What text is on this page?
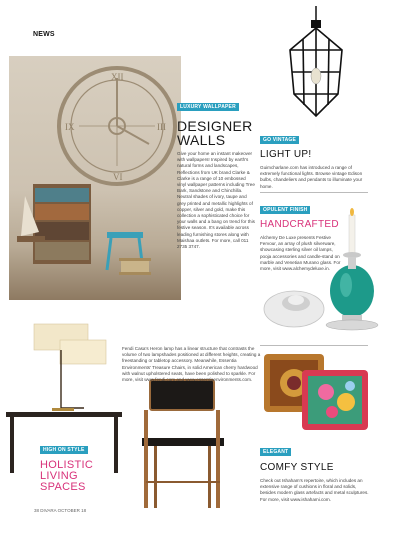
NEWS
XII
III
VI
IX
LUXURY WALLPAPER
DESIGNER
WALLS

Give your home an instant makeover with wallpapers! Inspired by earth's natural forms and landscapes, Reflections from UK brand Clarke & Clarke is a range of 10 embossed vinyl wallpaper patterns including Tree Bark, Sandstone and Chinchilla. Neutral shades of ivory, taupe and grey printed and metallic highlights of copper, silver and gold, make this collection a sophisticated choice for your walls and a bang on trend for this festive season. It's available across leading furnishing stores along with Maishaa outlets. For more, call 011 2735 3747.

GO VINTAGE
LIGHT UP!

Guimcharlane.com has introduced a range of extremely functional lights. Browse vintage Edison bulbs, chandeliers and pendants to illuminate your home.

OPULENT FINISH
HANDCRAFTED

Alchemy De Luxe presents Festive Fervour, an array of plush silverware, showcasing sterling silver oil lamps, pooja accessories and candle-stand on marble and Venetian Murano glass. For more, visit www.alchemydeluxe.in.

ELEGANT
COMFY STYLE

Check out Ishaham's repertoire, which includes an extensive range of cushions in floral and solids, besides modern glass artefacts and metal sculptures. For more, visit www.ishahami.com.

Fendi Casa's Heron lamp has a linear structure that contrasts the volume of two lampshades positioned at different heights, creating a freestanding or tabletop accessory. Meanwhile, Essentia Environments' Treasure Chairs, in solid American cherry hardwood with walnut upholstered seats, have been polished to sparkle. For more, visit www.fendi.com and www.essentiaenvironments.com.

HIGH ON STYLE
HOLISTIC
LIVING
SPACES
38 DIVARA OCTOBER 18
